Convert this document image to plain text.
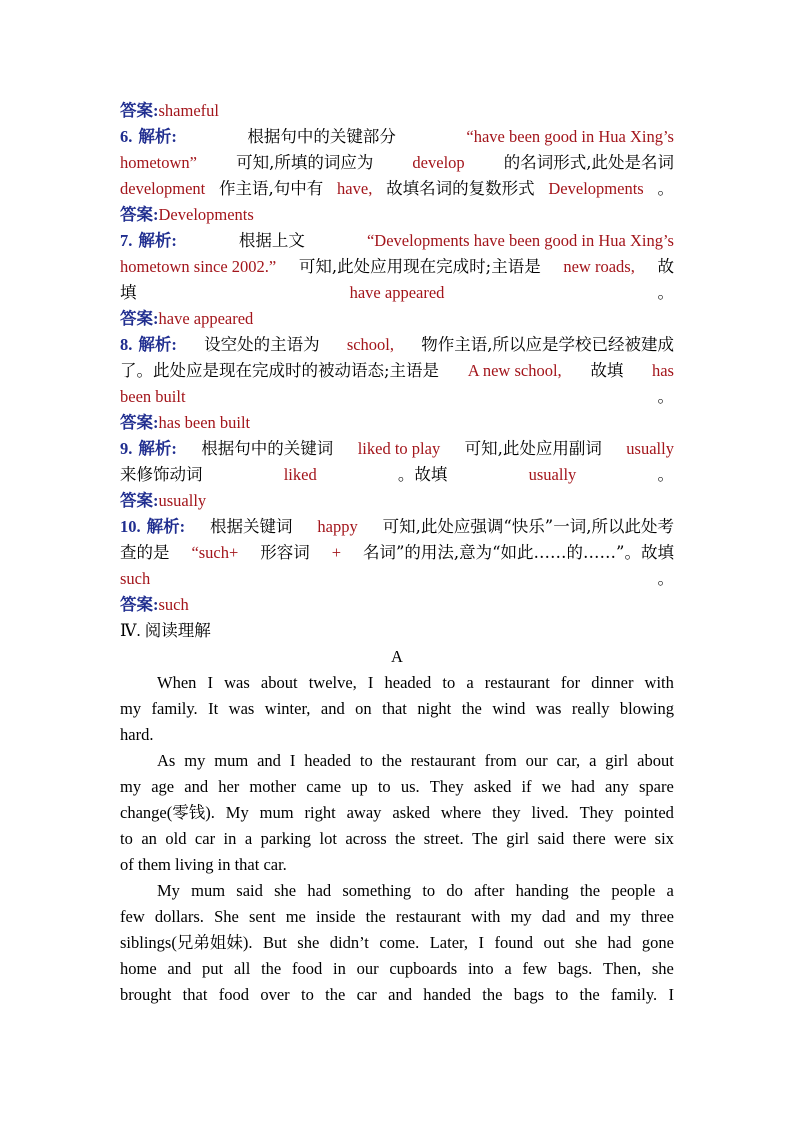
答案: shameful
6. 解析:	根据句中的关键部分	“have been good in Hua Xing’s
hometown” 可知,所填的词应为 develop 的名词形式,此处是名词
development 作主语,句中有 have, 故填名词的复数形式 Developments 。
答案: Developments
7. 解析:	根据上文	“Developments have been good in Hua Xing’s
hometown since 2002.” 可知,此处应用现在完成时;主语是 new roads, 故
填	have appeared	。
答案: have appeared
8. 解析: 设空处的主语为 school, 物作主语,所以应是学校已经被建成
了。此处应是现在完成时的被动语态;主语是 A new school, 故填 has
been built	。
答案: has been built
9. 解析: 根据句中的关键词 liked to play 可知,此处应用副词 usually
来修饰动词	liked	。故填	usually	。
答案: usually
10. 解析: 根据关键词 happy 可知,此处应强调“快乐”一词,所以此处考
查的是 “such+ 形容词 + 名词”的用法,意为“如此……的……”。故填
such	。
答案: such
Ⅳ. 阅读理解
A
When I was about twelve, I headed to a restaurant for dinner with
my family. It was winter, and on that night the wind was really blowing
hard.
As my mum and I headed to the restaurant from our car, a girl about
my age and her mother came up to us. They asked if we had any spare
change(零钱). My mum right away asked where they lived. They pointed
to an old car in a parking lot across the street. The girl said there were six
of them living in that car.
My mum said she had something to do after handing the people a
few dollars. She sent me inside the restaurant with my dad and my three
siblings(兄弟姐妹). But she didn’t come. Later, I found out she had gone
home and put all the food in our cupboards into a few bags. Then, she
brought that food over to the car and handed the bags to the family. I
